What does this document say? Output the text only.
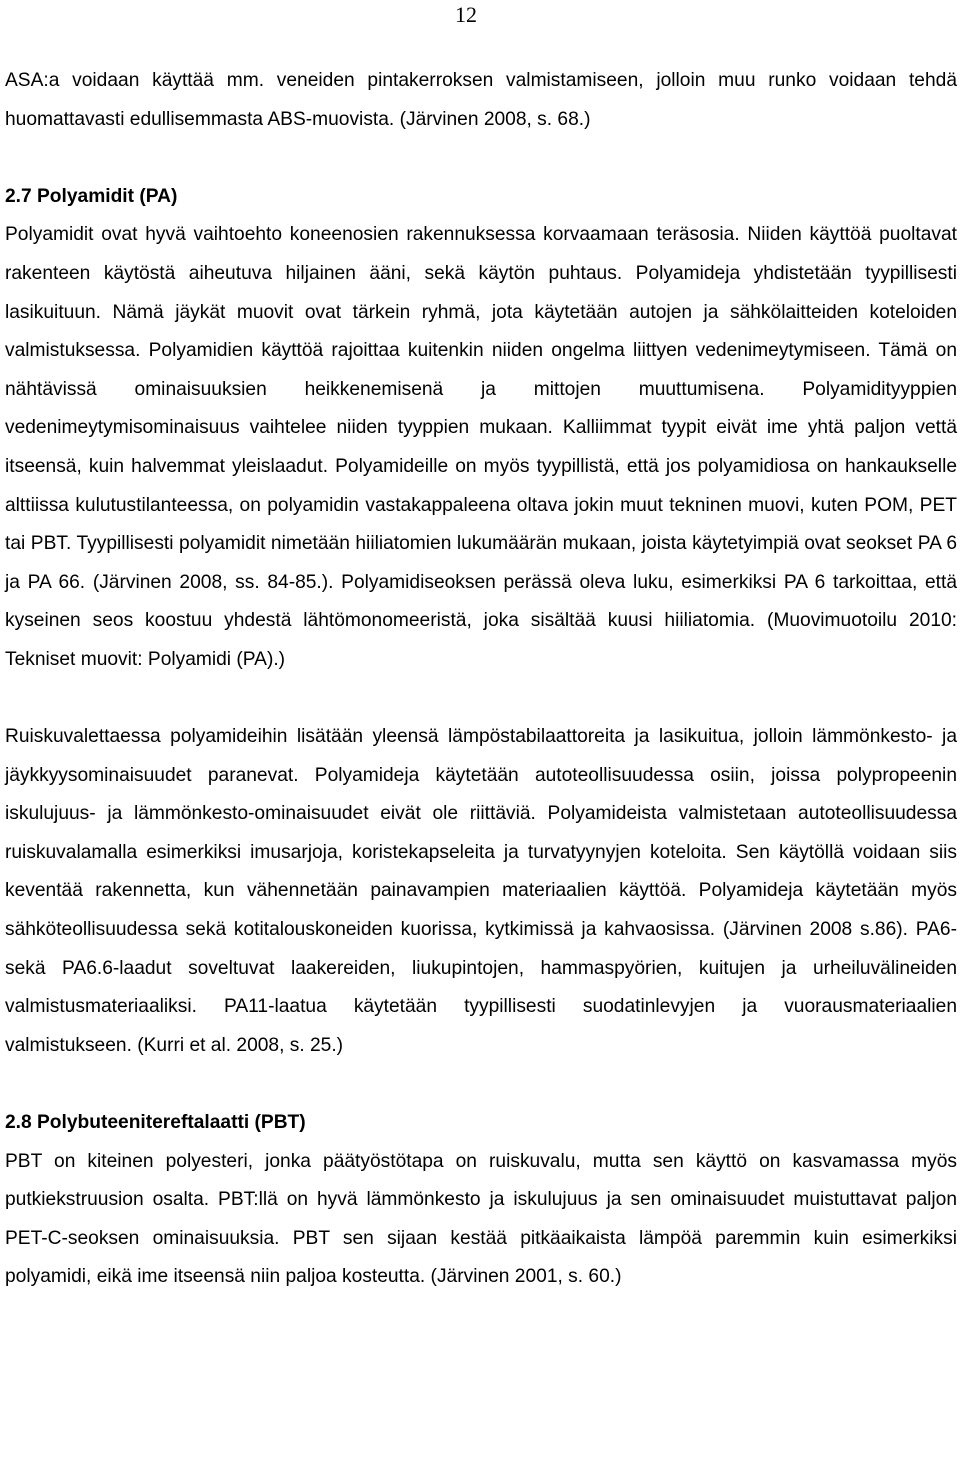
12

ASA:a voidaan käyttää mm. veneiden pintakerroksen valmistamiseen, jolloin muu runko voidaan tehdä huomattavasti edullisemmasta ABS-muovista. (Järvinen 2008, s. 68.)

2.7 Polyamidit (PA)

Polyamidit ovat hyvä vaihtoehto koneenosien rakennuksessa korvaamaan teräsosia. Niiden käyttöä puoltavat rakenteen käytöstä aiheutuva hiljainen ääni, sekä käytön puhtaus. Polyamideja yhdistetään tyypillisesti lasikuituun. Nämä jäykät muovit ovat tärkein ryhmä, jota käytetään autojen ja sähkölaitteiden koteloiden valmistuksessa. Polyamidien käyttöä rajoittaa kuitenkin niiden ongelma liittyen vedenimeytymiseen. Tämä on nähtävissä ominaisuuksien heikkenemisenä ja mittojen muuttumisena. Polyamidityyppien vedenimeytymisominaisuus vaihtelee niiden tyyppien mukaan. Kalliimmat tyypit eivät ime yhtä paljon vettä itseensä, kuin halvemmat yleislaadut. Polyamideille on myös tyypillistä, että jos polyamidiosa on hankaukselle alttiissa kulutustilanteessa, on polyamidin vastakappaleena oltava jokin muut tekninen muovi, kuten POM, PET tai PBT. Tyypillisesti polyamidit nimetään hiiliatomien lukumäärän mukaan, joista käytetyimpiä ovat seokset PA 6 ja PA 66. (Järvinen 2008, ss. 84-85.). Polyamidiseoksen perässä oleva luku, esimerkiksi PA 6 tarkoittaa, että kyseinen seos koostuu yhdestä lähtömonomeeristä, joka sisältää kuusi hiiliatomia. (Muovimuotoilu 2010: Tekniset muovit: Polyamidi (PA).)

Ruiskuvalettaessa polyamideihin lisätään yleensä lämpöstabilaattoreita ja lasikuitua, jolloin lämmönkesto- ja jäykkyysominaisuudet paranevat. Polyamideja käytetään autoteollisuudessa osiin, joissa polypropeenin iskulujuus- ja lämmönkesto-ominaisuudet eivät ole riittäviä. Polyamideista valmistetaan autoteollisuudessa ruiskuvalamalla esimerkiksi imusarjoja, koristekapseleita ja turvatyynyjen koteloita. Sen käytöllä voidaan siis keventää rakennetta, kun vähennetään painavampien materiaalien käyttöä. Polyamideja käytetään myös sähköteollisuudessa sekä kotitalouskoneiden kuorissa, kytkimissä ja kahvaosissa. (Järvinen 2008 s.86). PA6- sekä PA6.6-laadut soveltuvat laakereiden, liukupintojen, hammaspyörien, kuitujen ja urheiluvälineiden valmistusmateriaaliksi. PA11-laatua käytetään tyypillisesti suodatinlevyjen ja vuorausmateriaalien valmistukseen. (Kurri et al. 2008, s. 25.)

2.8 Polybuteenitereftalaatti (PBT)

PBT on kiteinen polyesteri, jonka päätyöstötapa on ruiskuvalu, mutta sen käyttö on kasvamassa myös putkiekstruusion osalta. PBT:llä on hyvä lämmönkesto ja iskulujuus ja sen ominaisuudet muistuttavat paljon PET-C-seoksen ominaisuuksia. PBT sen sijaan kestää pitkäaikaista lämpöä paremmin kuin esimerkiksi polyamidi, eikä ime itseensä niin paljoa kosteutta. (Järvinen 2001, s. 60.)
